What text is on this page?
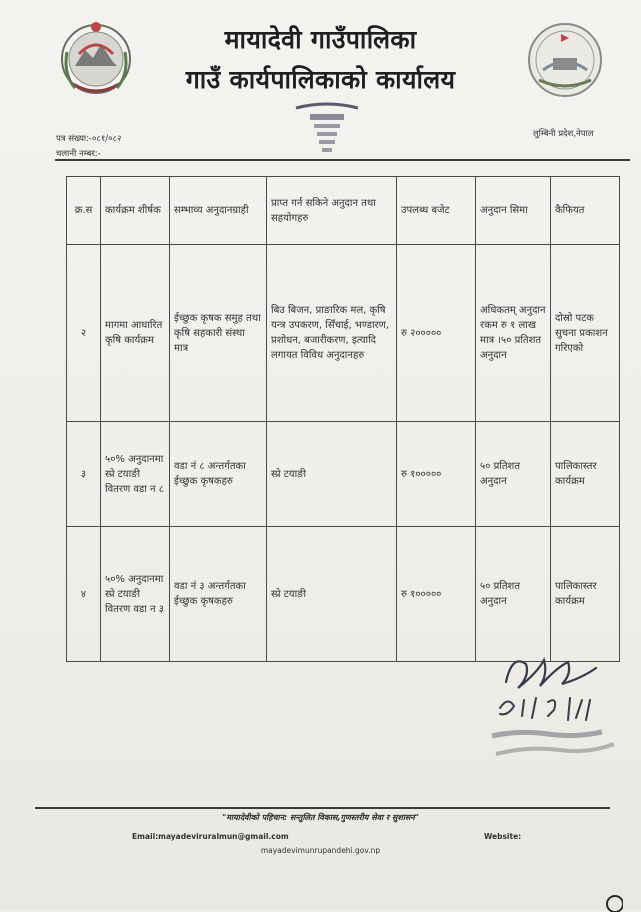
मायादेवी गाउँपालिका
गाउँ कार्यपालिकाको कार्यालय
पत्र संख्या:-०८१/०८२
चलानी नम्बर:-
लुम्बिनी प्रदेश,नेपाल
क्र.स	कार्यक्रम शीर्षक	सम्भाव्य अनुदानग्राही	प्राप्त गर्न सकिने अनुदान तथा सहयोगहरु	उपलब्ध बजेट	अनुदान सिमा	कैफियत
२	मागमा आधारित कृषि कार्यक्रम	ईच्छुक कृषक समुह तथा कृषि सहकारी संस्था मात्र	बिउ बिजन, प्राङारिक मल, कृषि यन्त्र उपकरण, सिँचाई, भण्डारण, प्रशोधन, बजारीकरण, इत्यादि लगायत विविध अनुदानहरु	रु २०००००	अधिकतम् अनुदान रकम रु १ लाख मात्र ।५० प्रतिशत अनुदान	दोस्रो पटक सुचना प्रकाशन गरिएको
३	५०% अनुदानमा स्प्रे टयाङी वितरण वडा न ८	वडा नं ८ अन्तर्गतका ईच्छुक कृषकहरु	स्प्रे टयाङी	रु १०००००	५० प्रतिशत अनुदान	पालिकास्तर कार्यक्रम
४	५०% अनुदानमा स्प्रे टयाङी वितरण वडा न ३	वडा नं ३ अन्तर्गतका ईच्छुक कृषकहरु	स्प्रे टयाङी	रु १०००००	५० प्रतिशत अनुदान	पालिकास्तर कार्यक्रम
"मायादेवीको पहिचान: सन्तुलित विकास,गुणस्तरीय सेवा र सुशासन"
Email:mayadeviruralmun@gmail.com	Website:
mayadevimunrupandehi.gov.np
